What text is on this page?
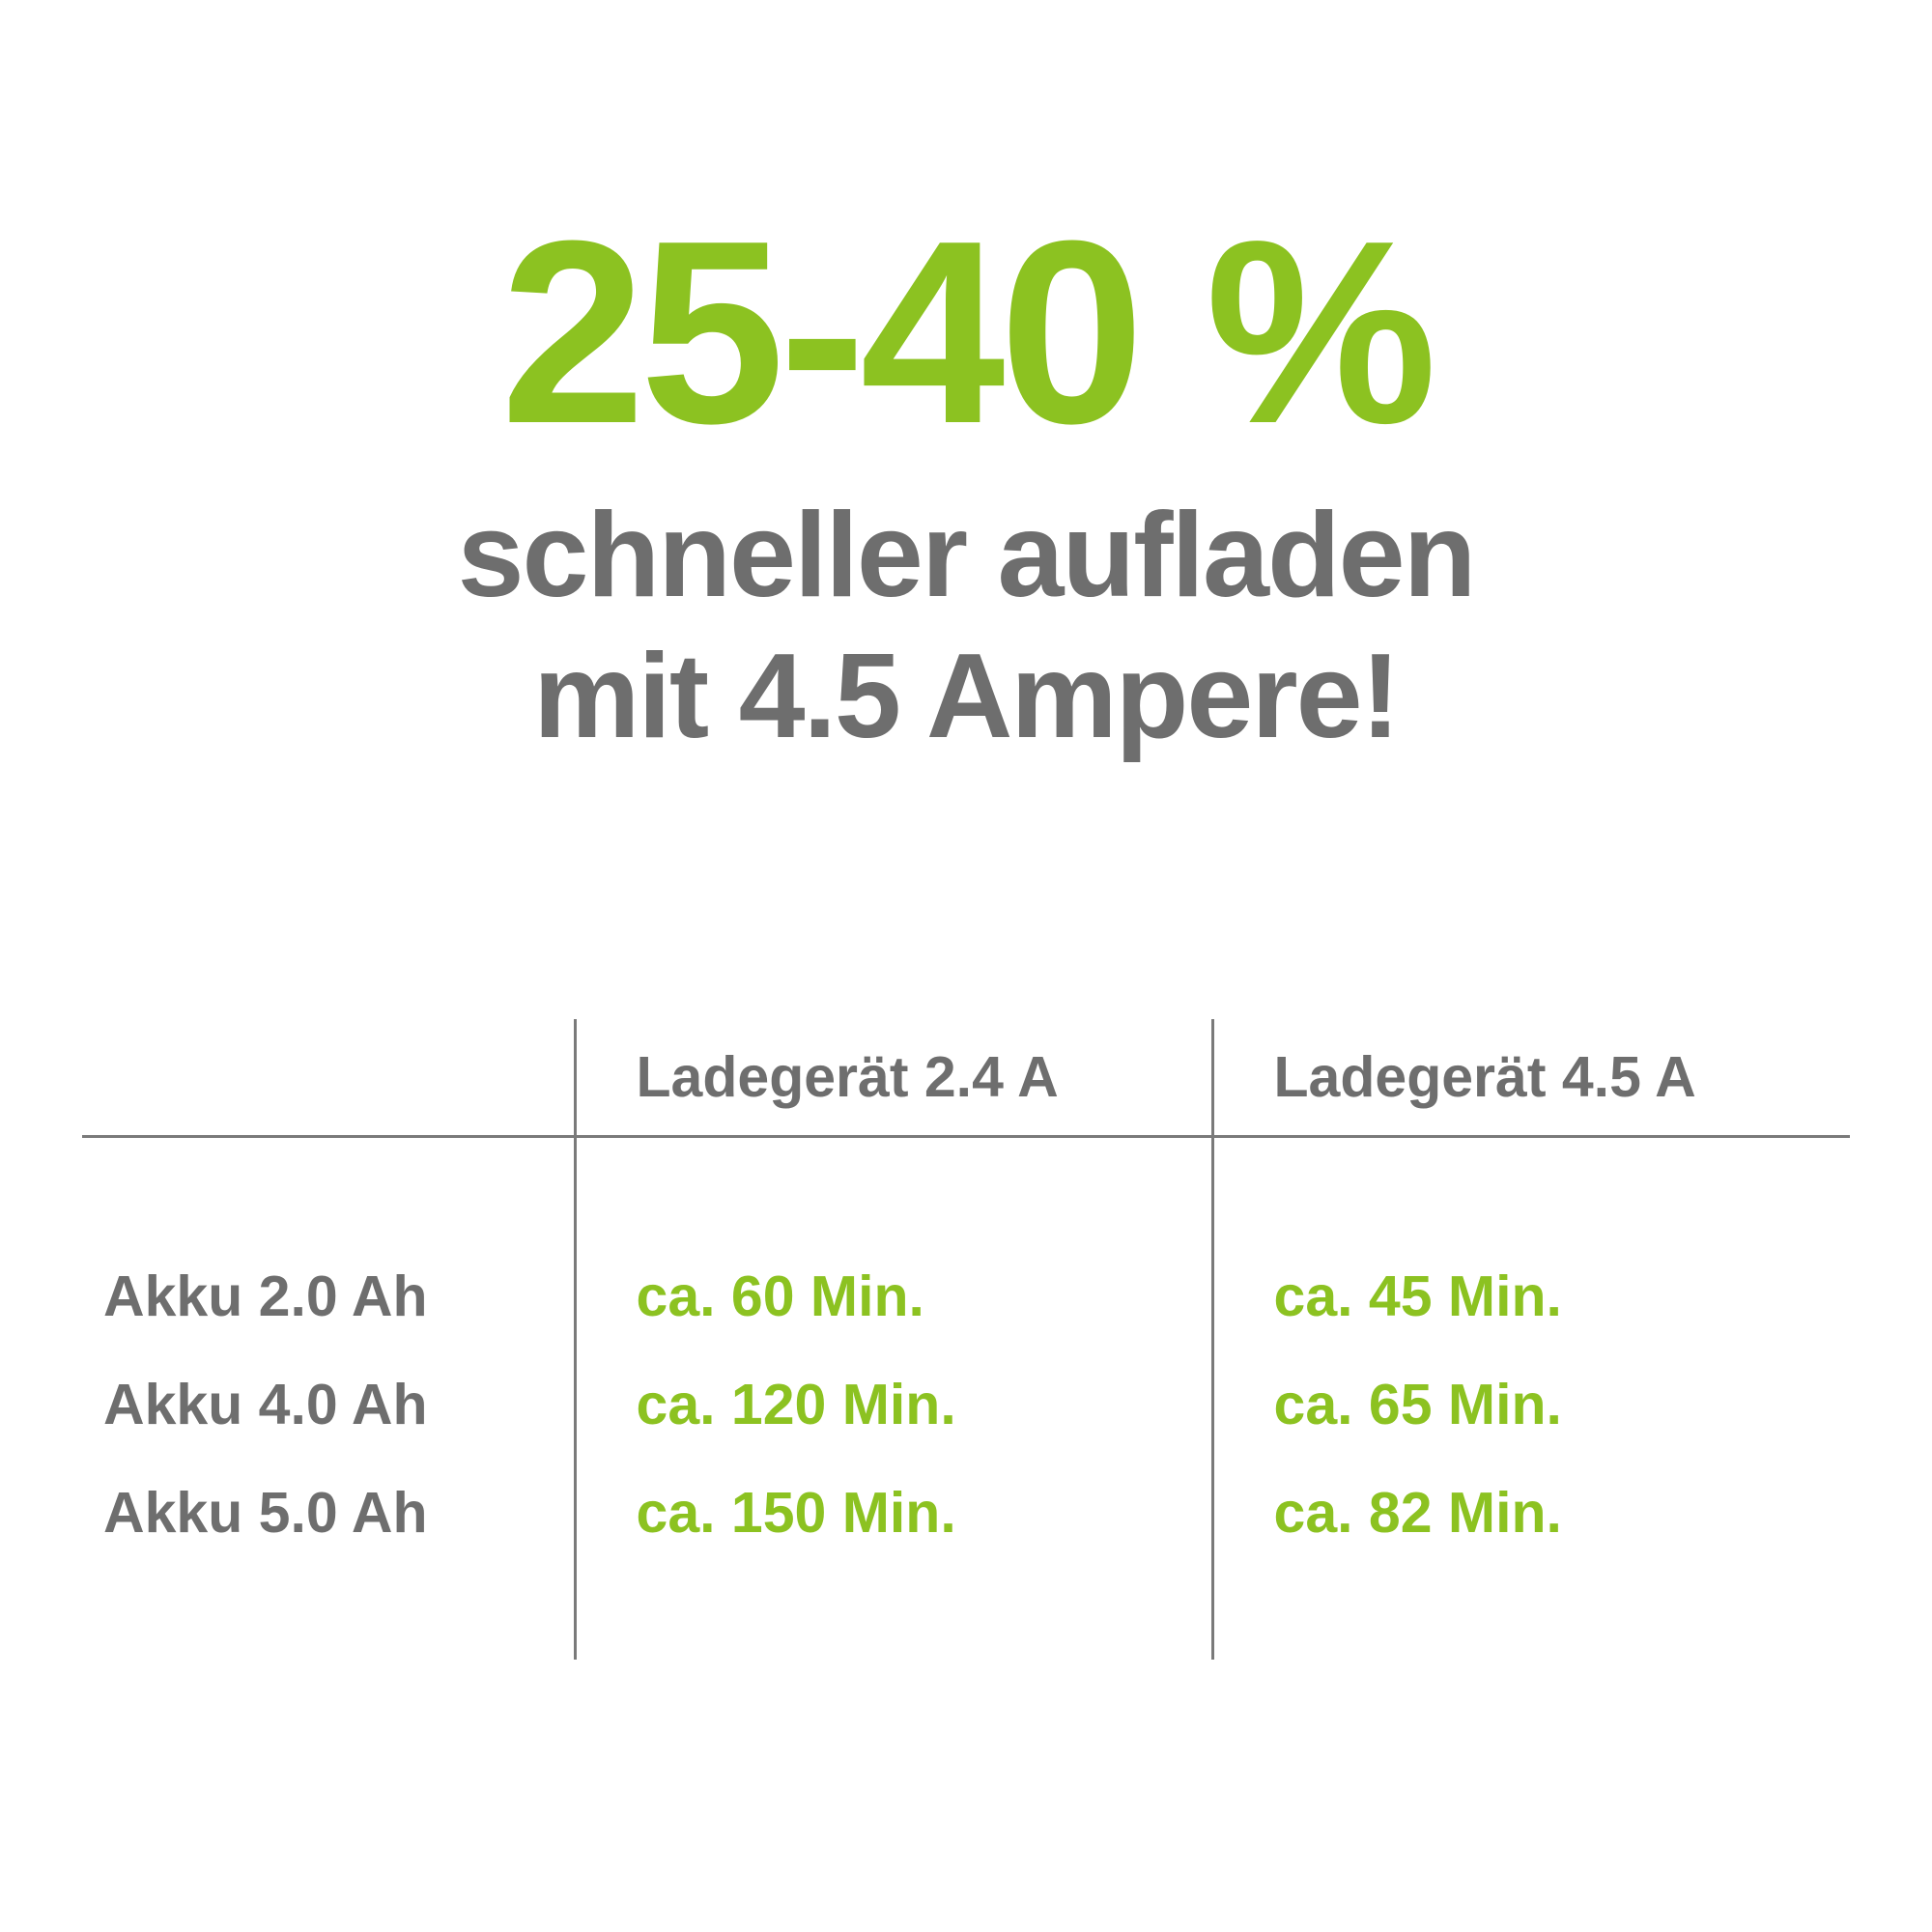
25-40 %
schneller aufladen
mit 4.5 Ampere!
	Ladegerät 2.4 A	Ladegerät 4.5 A

Akku 2.0 Ah	ca. 60 Min.	ca. 45 Min.
Akku 4.0 Ah	ca. 120 Min.	ca. 65 Min.
Akku 5.0 Ah	ca. 150 Min.	ca. 82 Min.
